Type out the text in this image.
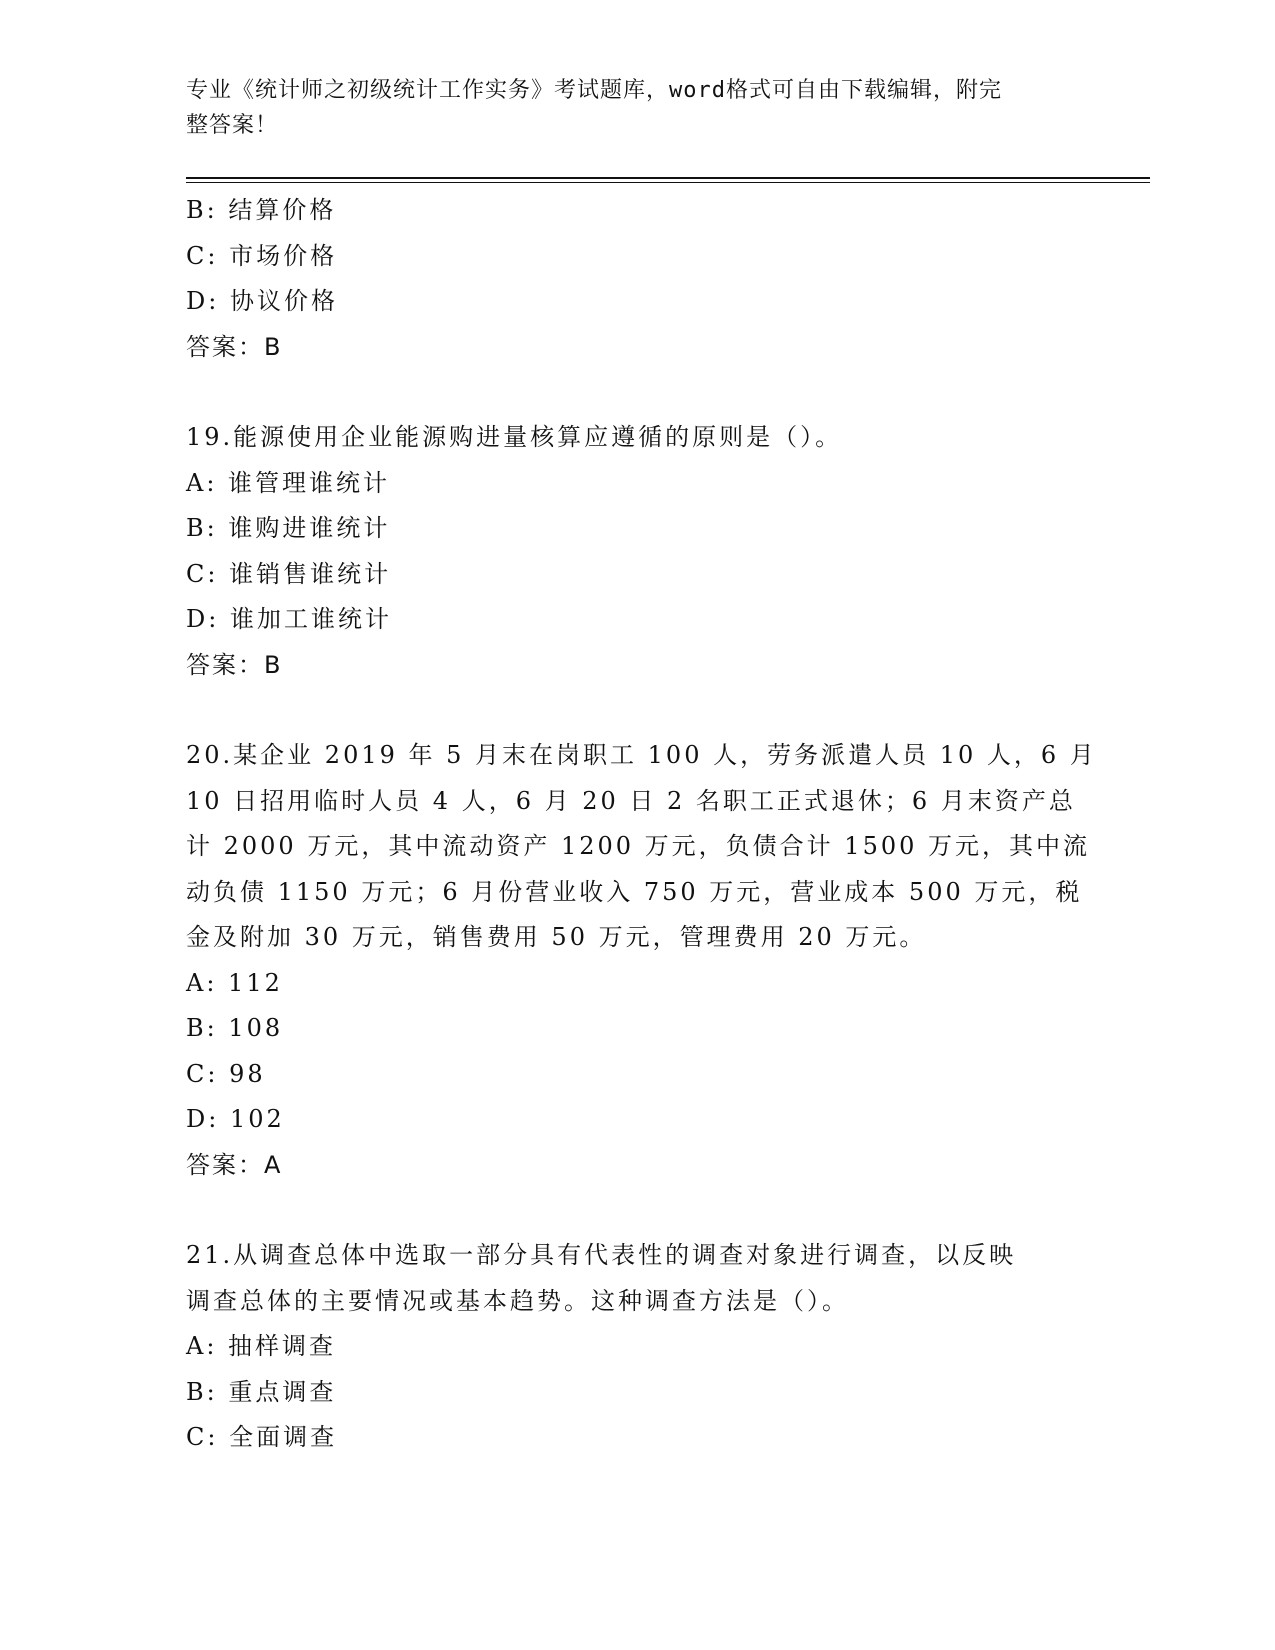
专业《统计师之初级统计工作实务》考试题库，word格式可自由下载编辑，附完
整答案！
B: 结算价格
C: 市场价格
D: 协议价格
答案：B
19.能源使用企业能源购进量核算应遵循的原则是（）。
A: 谁管理谁统计
B: 谁购进谁统计
C: 谁销售谁统计
D: 谁加工谁统计
答案：B
20.某企业 2019 年 5 月末在岗职工 100 人，劳务派遣人员 10 人，6 月
10 日招用临时人员 4 人，6 月 20 日 2 名职工正式退休；6 月末资产总
计 2000 万元，其中流动资产 1200 万元，负债合计 1500 万元，其中流
动负债 1150 万元；6 月份营业收入 750 万元，营业成本 500 万元，税
金及附加 30 万元，销售费用 50 万元，管理费用 20 万元。
A: 112
B: 108
C: 98
D: 102
答案：A
21.从调查总体中选取一部分具有代表性的调查对象进行调查，以反映
调查总体的主要情况或基本趋势。这种调查方法是（）。
A: 抽样调查
B: 重点调查
C: 全面调查
